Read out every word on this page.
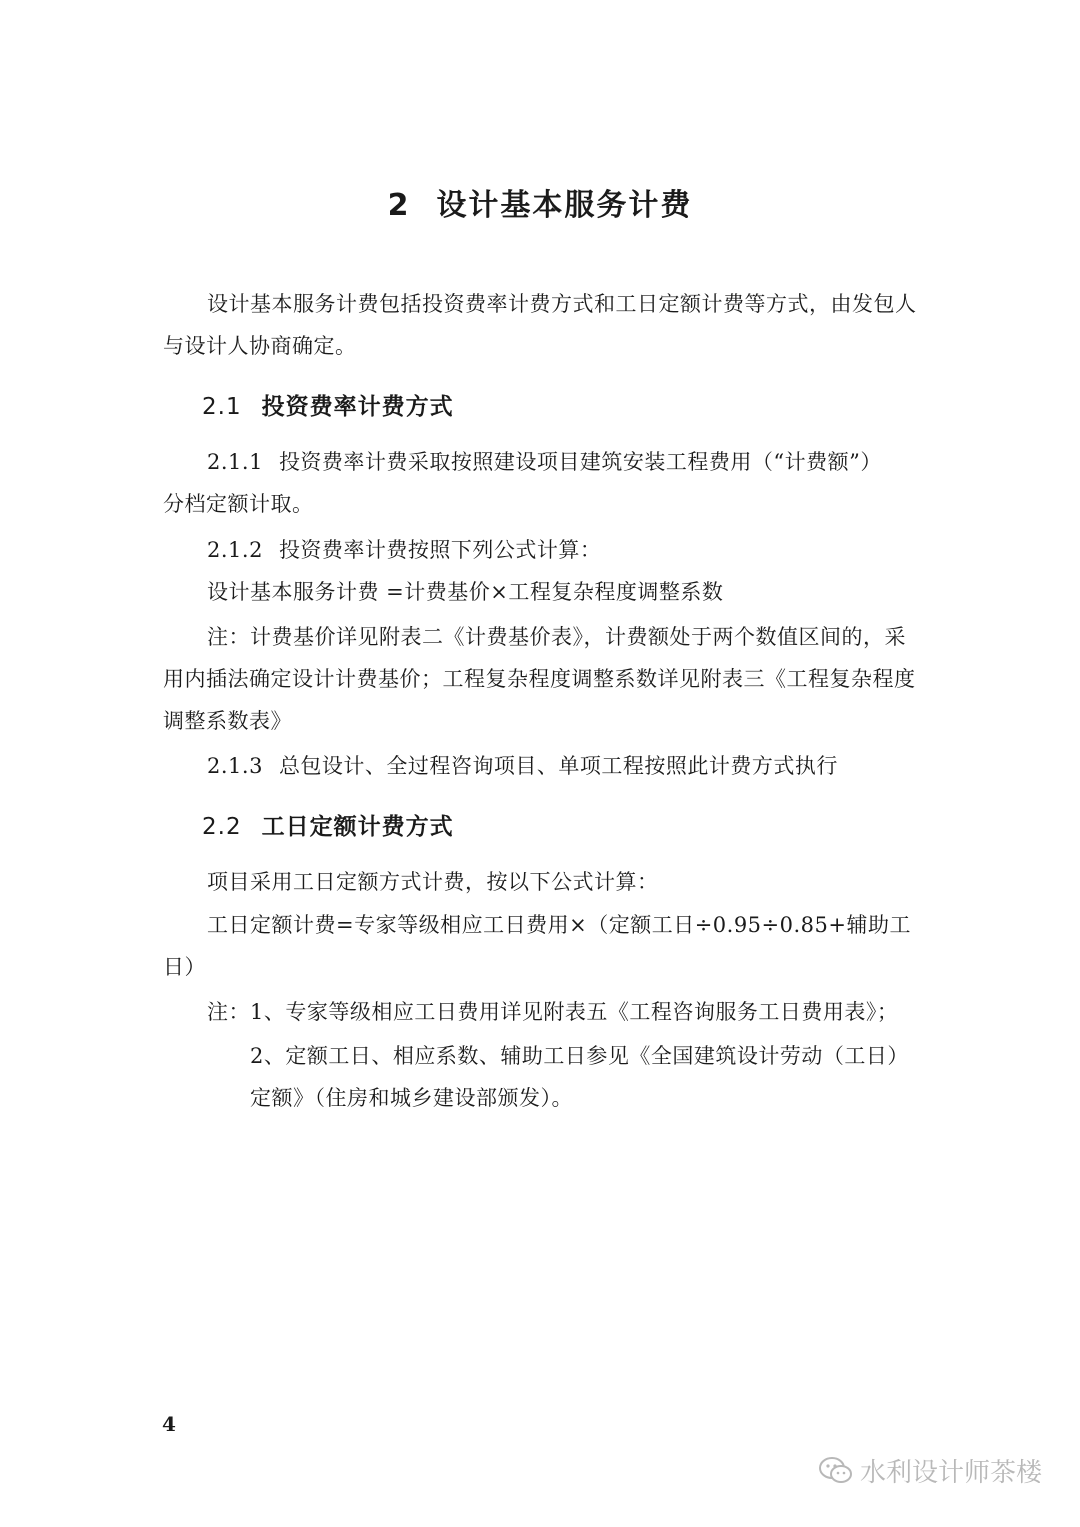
2 设计基本服务计费
设计基本服务计费包括投资费率计费方式和工日定额计费等方式，由发包人
与设计人协商确定。
2.1 投资费率计费方式
2.1.1 投资费率计费采取按照建设项目建筑安装工程费用（“计费额”）
分档定额计取。
2.1.2 投资费率计费按照下列公式计算：
设计基本服务计费 =计费基价×工程复杂程度调整系数
注：计费基价详见附表二《计费基价表》，计费额处于两个数值区间的，采
用内插法确定设计计费基价；工程复杂程度调整系数详见附表三《工程复杂程度
调整系数表》
2.1.3 总包设计、全过程咨询项目、单项工程按照此计费方式执行
2.2 工日定额计费方式
项目采用工日定额方式计费，按以下公式计算：
工日定额计费=专家等级相应工日费用×（定额工日÷0.95÷0.85+辅助工
日）
注：1、专家等级相应工日费用详见附表五《工程咨询服务工日费用表》；
2、定额工日、相应系数、辅助工日参见《全国建筑设计劳动（工日）
定额》（住房和城乡建设部颁发）。
4
水利设计师茶楼
